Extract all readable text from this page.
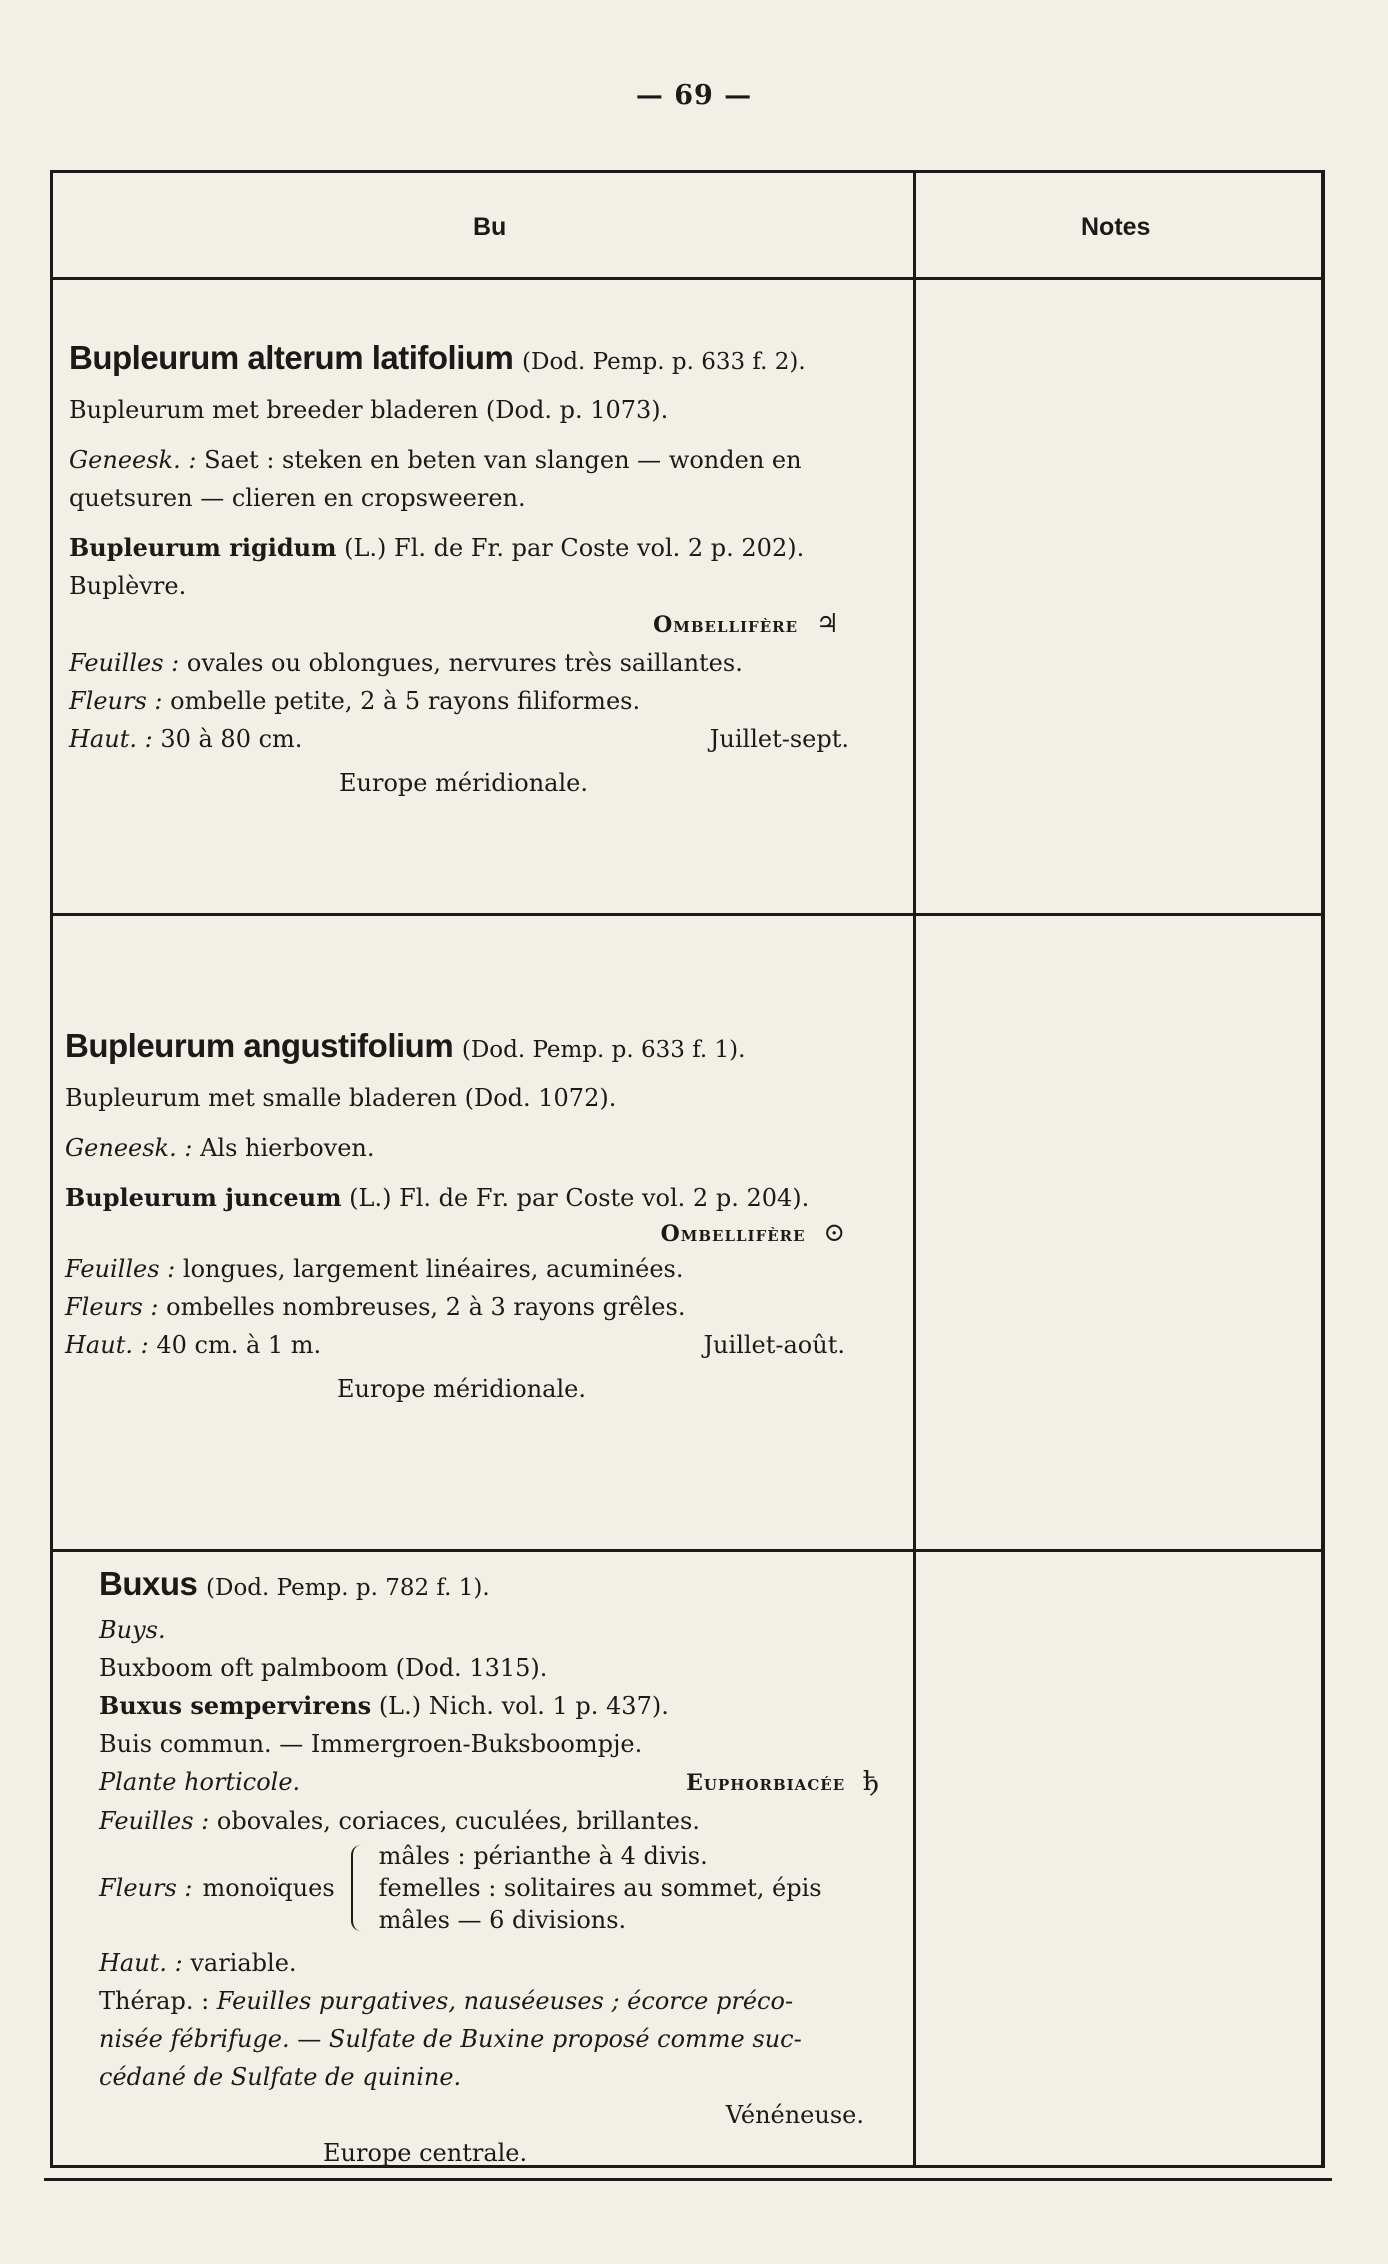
— 69 —
Bu	Notes

Bupleurum alterum latifolium (Dod. Pemp. p. 633 f. 2).

Bupleurum met breeder bladeren (Dod. p. 1073).

Geneesk. : Saet : steken en beten van slangen — wonden en

quetsuren — clieren en cropsweeren.

Bupleurum rigidum (L.) Fl. de Fr. par Coste vol. 2 p. 202).

Buplèvre.

Ombellifère ♃

Feuilles : ovales ou oblongues, nervures très saillantes.

Fleurs : ombelle petite, 2 à 5 rayons filiformes.

Haut. : 30 à 80 cm.	Juillet-sept.

Europe méridionale.

Bupleurum angustifolium (Dod. Pemp. p. 633 f. 1).

Bupleurum met smalle bladeren (Dod. 1072).

Geneesk. : Als hierboven.

Bupleurum junceum (L.) Fl. de Fr. par Coste vol. 2 p. 204).

Ombellifère ⊙

Feuilles : longues, largement linéaires, acuminées.

Fleurs : ombelles nombreuses, 2 à 3 rayons grêles.

Haut. : 40 cm. à 1 m.	Juillet-août.

Europe méridionale.

Buxus (Dod. Pemp. p. 782 f. 1).

Buys.

Buxboom oft palmboom (Dod. 1315).

Buxus sempervirens (L.) Nich. vol. 1 p. 437).

Buis commun. — Immergroen-Buksboompje.

Plante horticole.	Euphorbiacée ђ

Feuilles : obovales, coriaces, cuculées, brillantes.

Fleurs : monoïques

mâles : périanthe à 4 divis.

femelles : solitaires au sommet, épis

mâles — 6 divisions.

Haut. : variable.

Thérap. : Feuilles purgatives, nauséeuses ; écorce préco-

nisée fébrifuge. — Sulfate de Buxine proposé comme suc-

cédané de Sulfate de quinine.

Vénéneuse.

Europe centrale.
